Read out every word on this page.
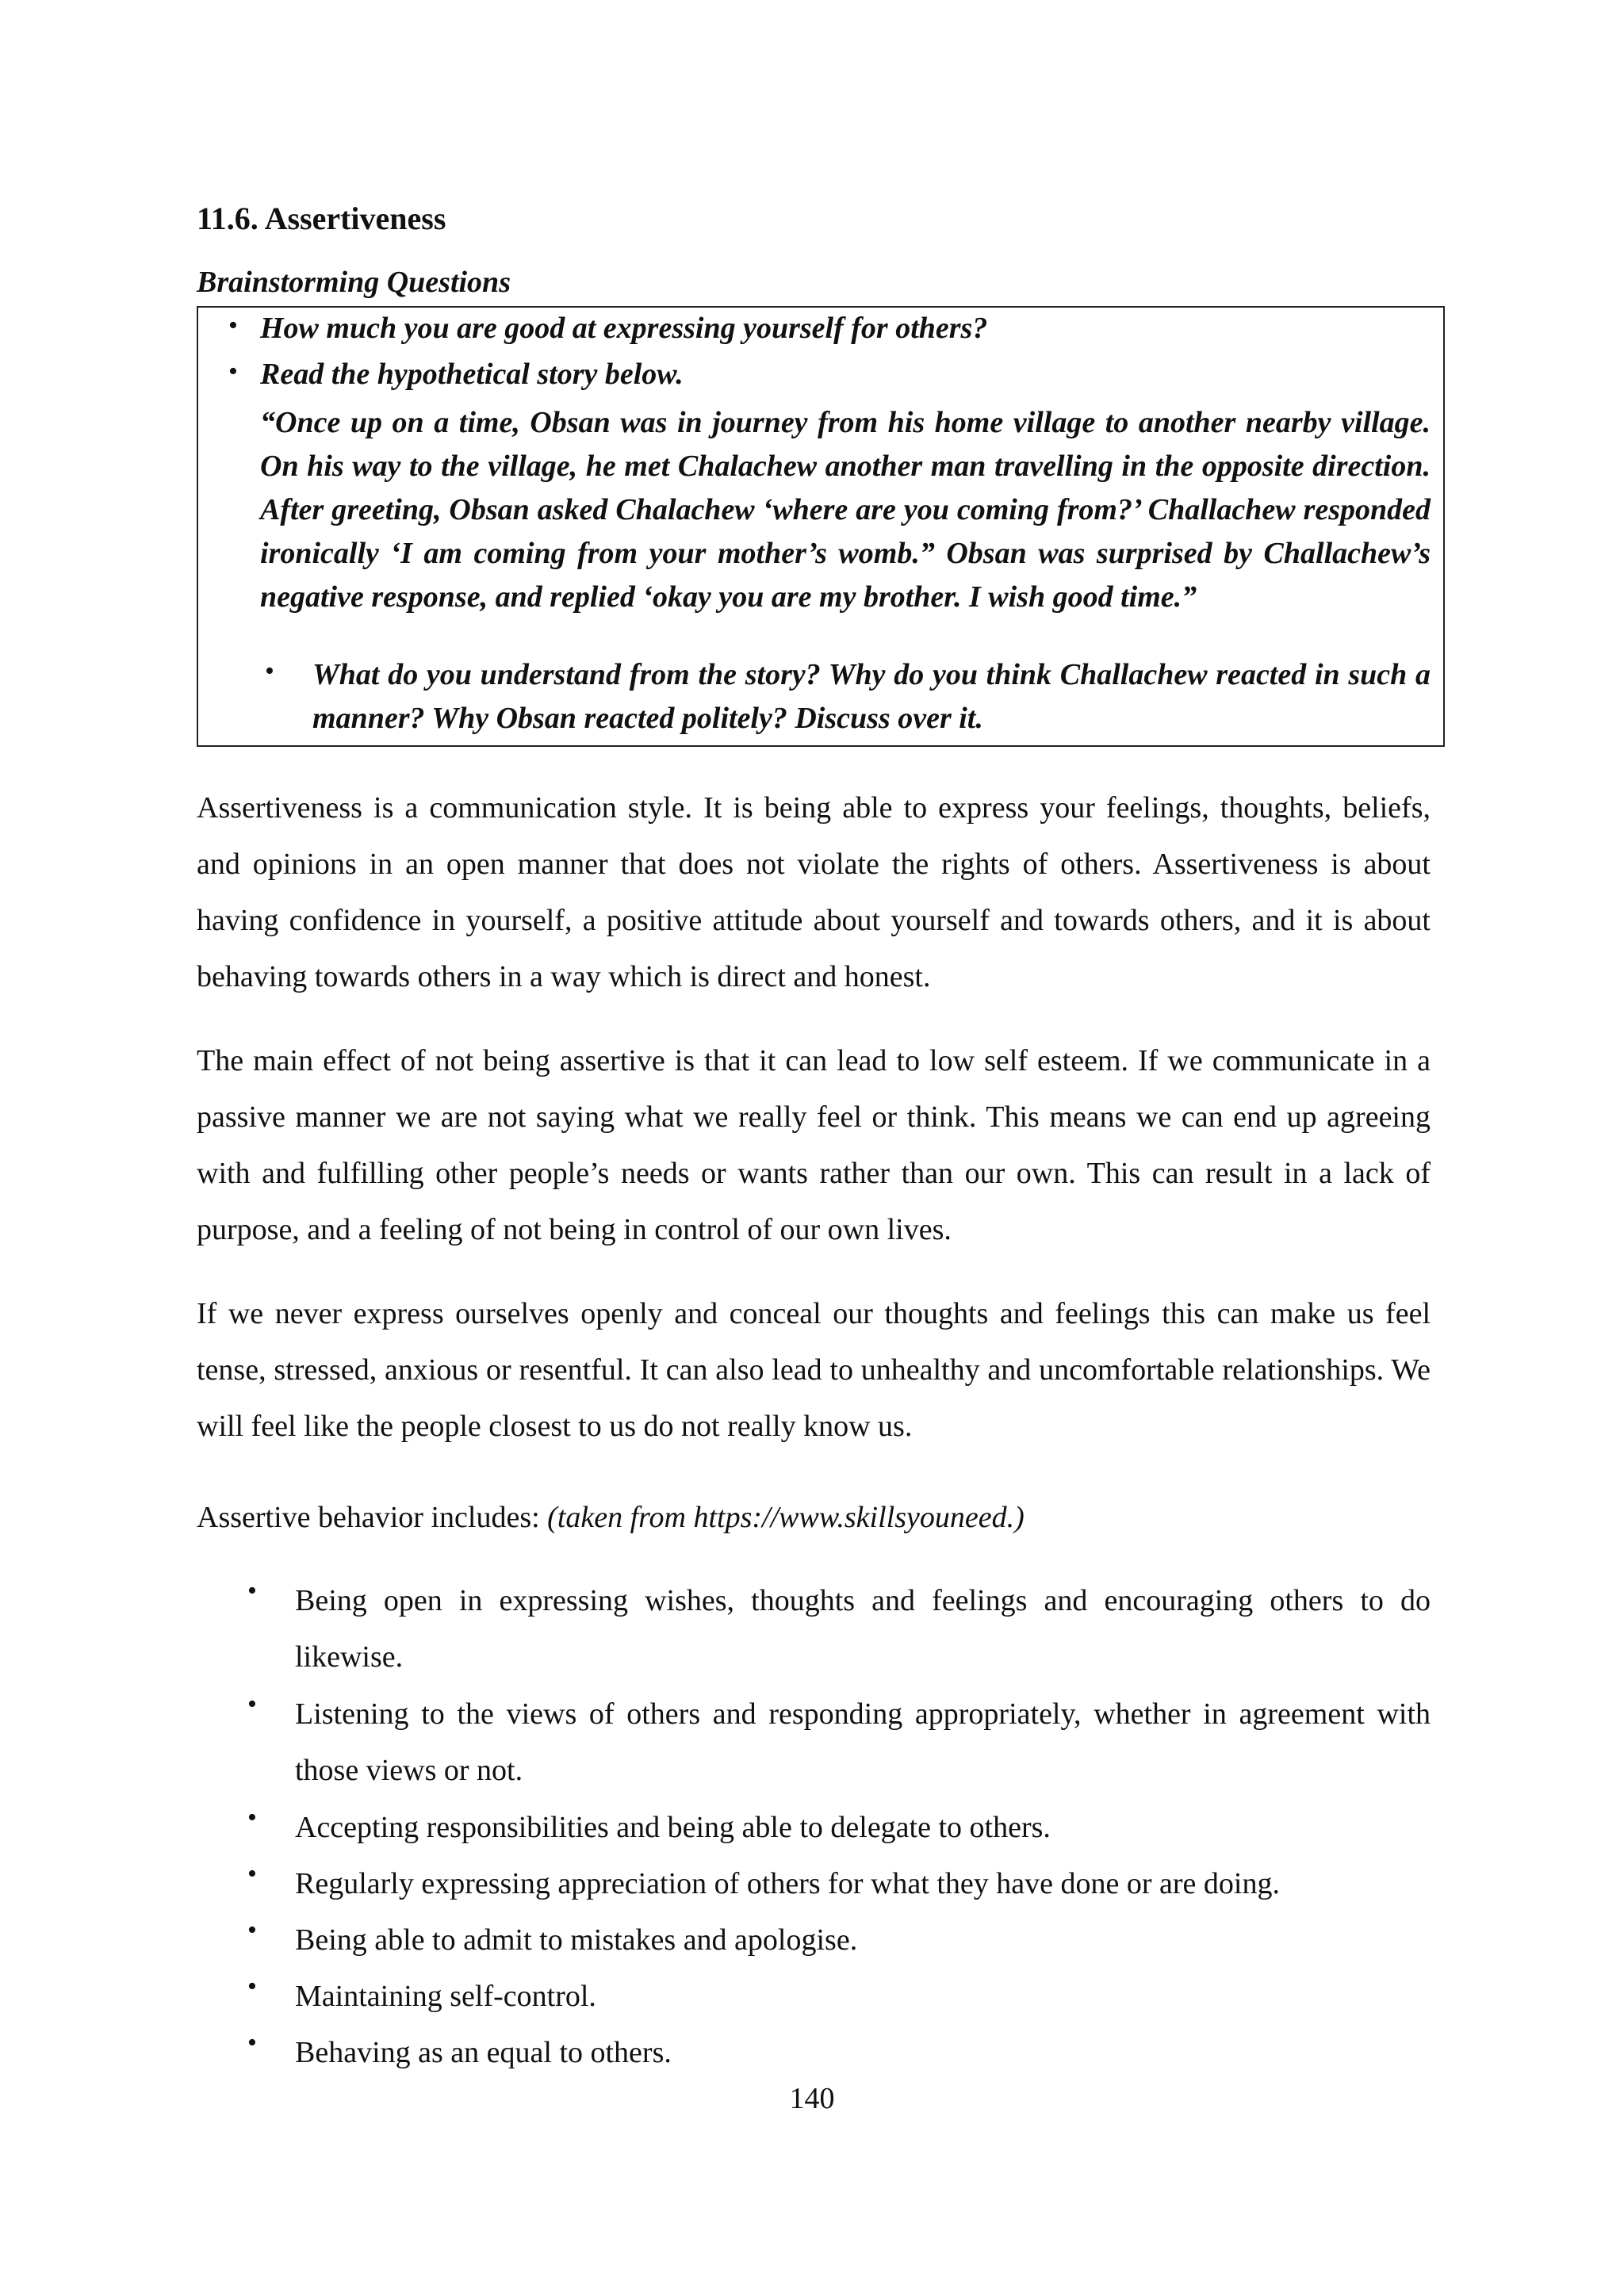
11.6. Assertiveness
Brainstorming Questions
• How much you are good at expressing yourself for others?
• Read the hypothetical story below.

“Once up on a time, Obsan was in journey from his home village to another nearby village. On his way to the village, he met Chalachew another man travelling in the opposite direction. After greeting, Obsan asked Chalachew ‘where are you coming from?’ Challachew responded ironically ‘I am coming from your mother’s womb.” Obsan was surprised by Challachew’s negative response, and replied ‘okay you are my brother. I wish good time.”

• What do you understand from the story? Why do you think Challachew reacted in such a manner? Why Obsan reacted politely? Discuss over it.

Assertiveness is a communication style. It is being able to express your feelings, thoughts, beliefs, and opinions in an open manner that does not violate the rights of others. Assertiveness is about having confidence in yourself, a positive attitude about yourself and towards others, and it is about behaving towards others in a way which is direct and honest.

The main effect of not being assertive is that it can lead to low self esteem. If we communicate in a passive manner we are not saying what we really feel or think. This means we can end up agreeing with and fulfilling other people’s needs or wants rather than our own. This can result in a lack of purpose, and a feeling of not being in control of our own lives.

If we never express ourselves openly and conceal our thoughts and feelings this can make us feel tense, stressed, anxious or resentful. It can also lead to unhealthy and uncomfortable relationships. We will feel like the people closest to us do not really know us.

Assertive behavior includes: (taken from https://www.skillsyouneed.)

• Being open in expressing wishes, thoughts and feelings and encouraging others to do likewise.
• Listening to the views of others and responding appropriately, whether in agreement with those views or not.
• Accepting responsibilities and being able to delegate to others.
• Regularly expressing appreciation of others for what they have done or are doing.
• Being able to admit to mistakes and apologise.
• Maintaining self-control.
• Behaving as an equal to others.
140
